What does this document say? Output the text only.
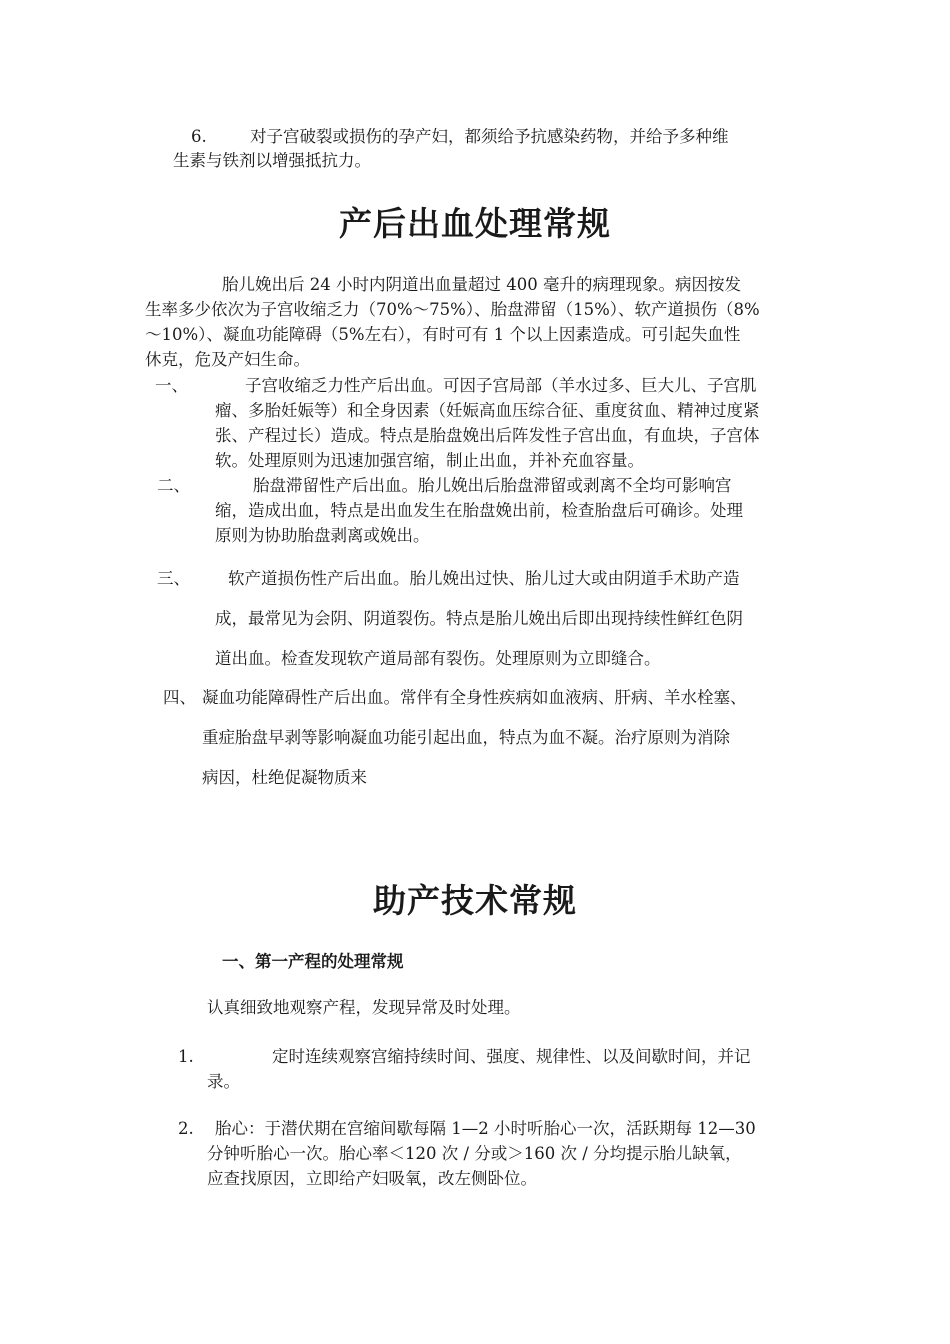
6.	对子宫破裂或损伤的孕产妇，都须给予抗感染药物，并给予多种维
生素与铁剂以增强抵抗力。
产后出血处理常规
胎儿娩出后 24 小时内阴道出血量超过 400 毫升的病理现象。病因按发
生率多少依次为子宫收缩乏力（70%～75%）、胎盘滞留（15%）、软产道损伤（8%
～10%）、凝血功能障碍（5%左右），有时可有 1 个以上因素造成。可引起失血性
休克，危及产妇生命。
一、	子宫收缩乏力性产后出血。可因子宫局部（羊水过多、巨大儿、子宫肌
瘤、多胎妊娠等）和全身因素（妊娠高血压综合征、重度贫血、精神过度紧
张、产程过长）造成。特点是胎盘娩出后阵发性子宫出血，有血块，子宫体
软。处理原则为迅速加强宫缩，制止出血，并补充血容量。
二、	胎盘滞留性产后出血。胎儿娩出后胎盘滞留或剥离不全均可影响宫
缩，造成出血，特点是出血发生在胎盘娩出前，检查胎盘后可确诊。处理
原则为协助胎盘剥离或娩出。
三、 软产道损伤性产后出血。胎儿娩出过快、胎儿过大或由阴道手术助产造
成，最常见为会阴、阴道裂伤。特点是胎儿娩出后即出现持续性鲜红色阴
道出血。检查发现软产道局部有裂伤。处理原则为立即缝合。
四、 凝血功能障碍性产后出血。常伴有全身性疾病如血液病、肝病、羊水栓塞、
重症胎盘早剥等影响凝血功能引起出血，特点为血不凝。治疗原则为消除
病因，杜绝促凝物质来
助产技术常规
一、第一产程的处理常规
认真细致地观察产程，发现异常及时处理。
1.	定时连续观察宫缩持续时间、强度、规律性、以及间歇时间，并记
录。
2. 胎心：于潜伏期在宫缩间歇每隔 1—2 小时听胎心一次，活跃期每 12—30
分钟听胎心一次。胎心率＜120 次 / 分或＞160 次 / 分均提示胎儿缺氧，
应查找原因，立即给产妇吸氧，改左侧卧位。
